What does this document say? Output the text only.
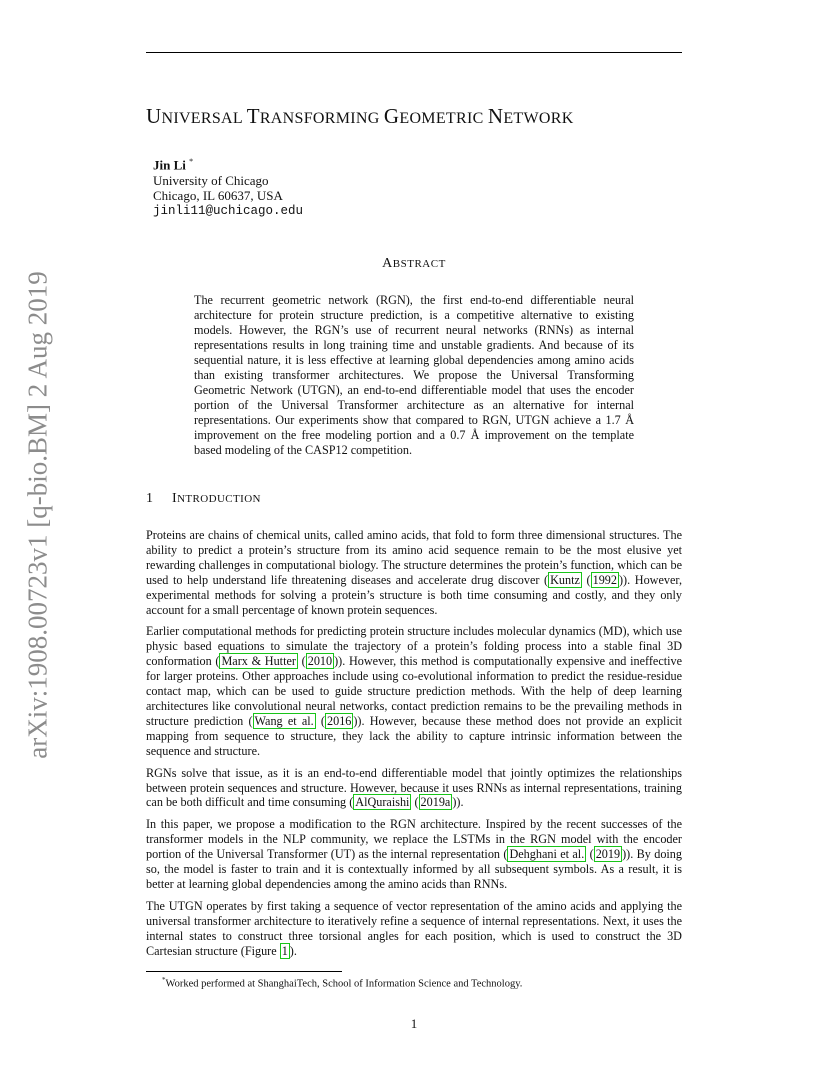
arXiv:1908.00723v1 [q-bio.BM] 2 Aug 2019
UNIVERSAL TRANSFORMING GEOMETRIC NETWORK
Jin Li *
University of Chicago
Chicago, IL 60637, USA
jinli11@uchicago.edu
ABSTRACT
The recurrent geometric network (RGN), the first end-to-end differentiable neural architecture for protein structure prediction, is a competitive alternative to existing models. However, the RGN’s use of recurrent neural networks (RNNs) as internal representations results in long training time and unstable gradients. And because of its sequential nature, it is less effective at learning global dependencies among amino acids than existing transformer architectures. We propose the Universal Transforming Geometric Network (UTGN), an end-to-end differentiable model that uses the encoder portion of the Universal Transformer architecture as an alternative for internal representations. Our experiments show that compared to RGN, UTGN achieve a 1.7 Å improvement on the free modeling portion and a 0.7 Å improvement on the template based modeling of the CASP12 competition.
1 INTRODUCTION

Proteins are chains of chemical units, called amino acids, that fold to form three dimensional structures. The ability to predict a protein’s structure from its amino acid sequence remain to be the most elusive yet rewarding challenges in computational biology. The structure determines the protein’s function, which can be used to help understand life threatening diseases and accelerate drug discover ( Kuntz ( 1992 )). However, experimental methods for solving a protein’s structure is both time consuming and costly, and they only account for a small percentage of known protein sequences.

Earlier computational methods for predicting protein structure includes molecular dynamics (MD), which use physic based equations to simulate the trajectory of a protein’s folding process into a stable final 3D conformation ( Marx & Hutter ( 2010 )). However, this method is computationally expensive and ineffective for larger proteins. Other approaches include using co-evolutional information to predict the residue-residue contact map, which can be used to guide structure prediction methods. With the help of deep learning architectures like convolutional neural networks, contact prediction remains to be the prevailing methods in structure prediction ( Wang et al. ( 2016 )). However, because these method does not provide an explicit mapping from sequence to structure, they lack the ability to capture intrinsic information between the sequence and structure.

RGNs solve that issue, as it is an end-to-end differentiable model that jointly optimizes the relationships between protein sequences and structure. However, because it uses RNNs as internal representations, training can be both difficult and time consuming ( AlQuraishi ( 2019a )).

In this paper, we propose a modification to the RGN architecture. Inspired by the recent successes of the transformer models in the NLP community, we replace the LSTMs in the RGN model with the encoder portion of the Universal Transformer (UT) as the internal representation ( Dehghani et al. ( 2019 )). By doing so, the model is faster to train and it is contextually informed by all subsequent symbols. As a result, it is better at learning global dependencies among the amino acids than RNNs.

The UTGN operates by first taking a sequence of vector representation of the amino acids and applying the universal transformer architecture to iteratively refine a sequence of internal representations. Next, it uses the internal states to construct three torsional angles for each position, which is used to construct the 3D Cartesian structure (Figure 1 ).

*Worked performed at ShanghaiTech, School of Information Science and Technology.
1
